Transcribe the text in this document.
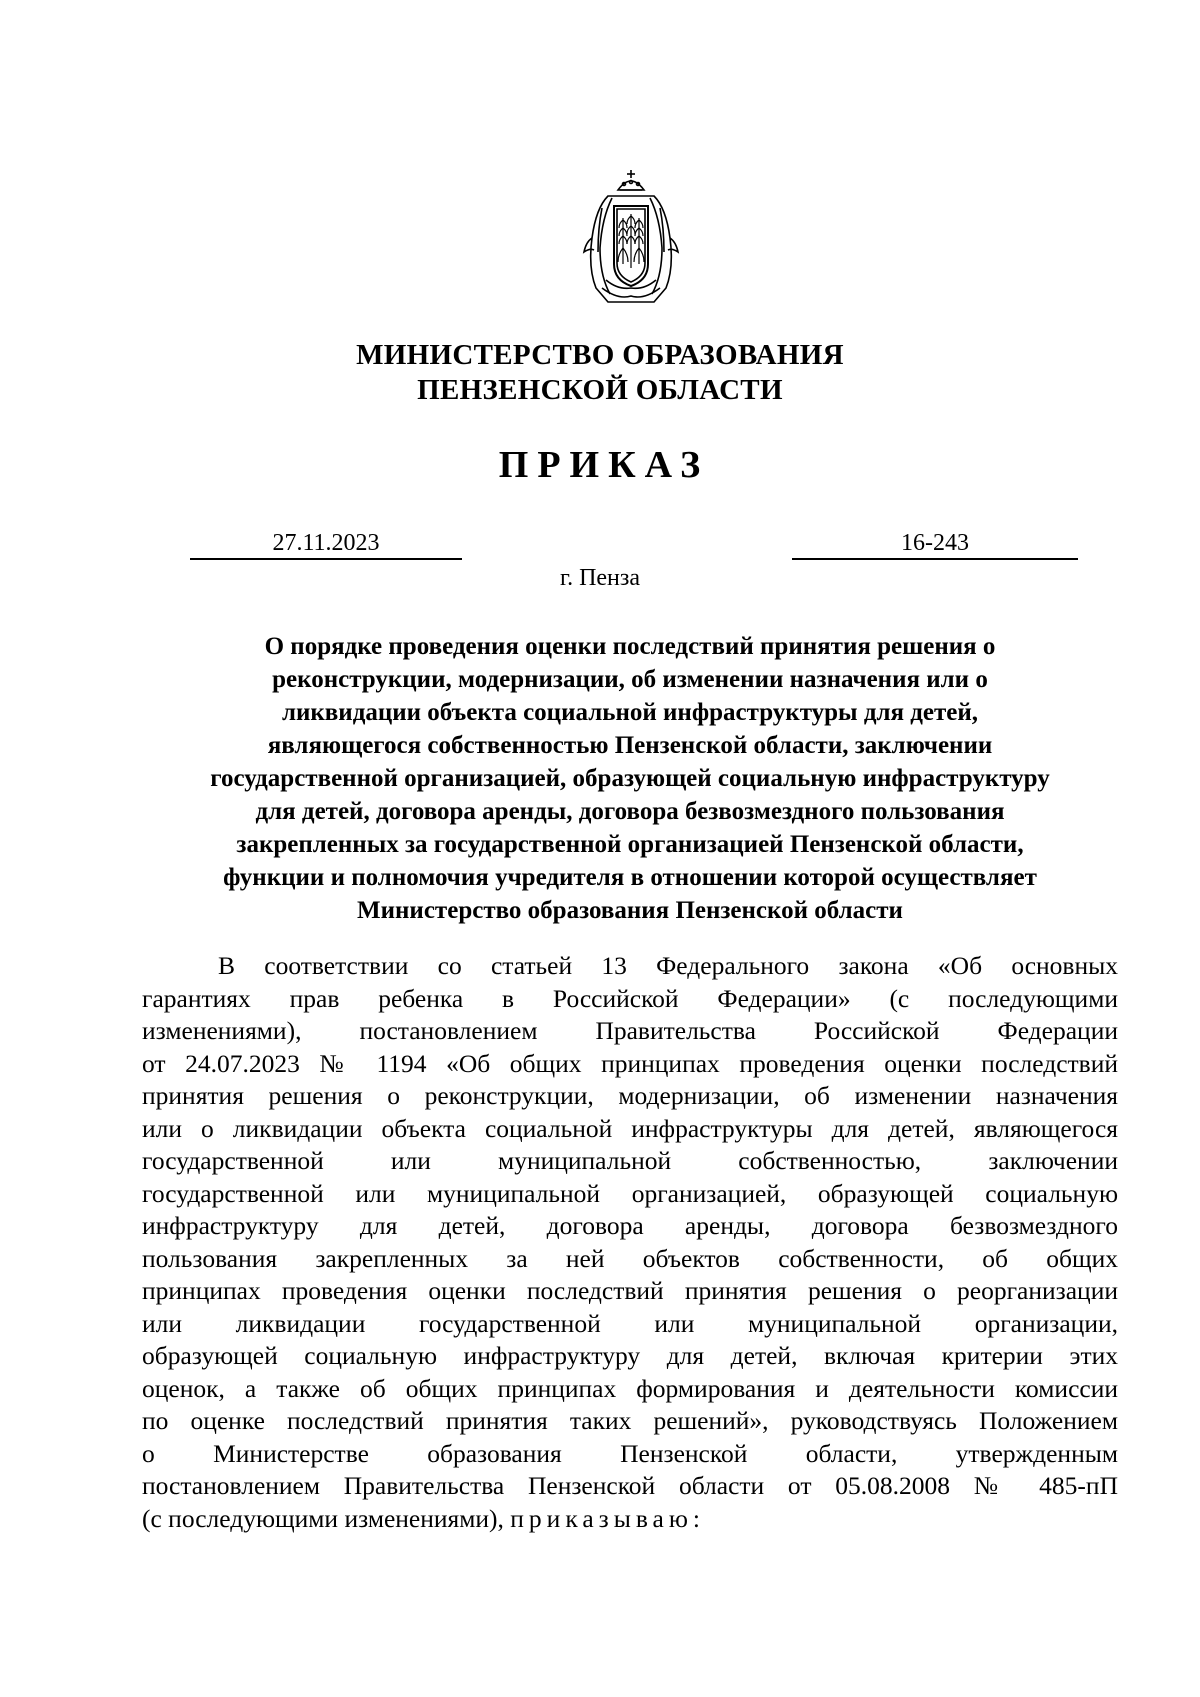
МИНИСТЕРСТВО ОБРАЗОВАНИЯ
ПЕНЗЕНСКОЙ ОБЛАСТИ
ПРИКАЗ
27.11.2023	16-243
г. Пенза
О порядке проведения оценки последствий принятия решения о
реконструкции, модернизации, об изменении назначения или о
ликвидации объекта социальной инфраструктуры для детей,
являющегося собственностью Пензенской области, заключении
государственной организацией, образующей социальную инфраструктуру
для детей, договора аренды, договора безвозмездного пользования
закрепленных за государственной организацией Пензенской области,
функции и полномочия учредителя в отношении которой осуществляет
Министерство образования Пензенской области
В соответствии со статьей 13 Федерального закона «Об основных
гарантиях прав ребенка в Российской Федерации» (с последующими
изменениями), постановлением Правительства Российской Федерации
от 24.07.2023 № 1194 «Об общих принципах проведения оценки последствий
принятия решения о реконструкции, модернизации, об изменении назначения
или о ликвидации объекта социальной инфраструктуры для детей, являющегося
государственной или муниципальной собственностью, заключении
государственной или муниципальной организацией, образующей социальную
инфраструктуру для детей, договора аренды, договора безвозмездного
пользования закрепленных за ней объектов собственности, об общих
принципах проведения оценки последствий принятия решения о реорганизации
или ликвидации государственной или муниципальной организации,
образующей социальную инфраструктуру для детей, включая критерии этих
оценок, а также об общих принципах формирования и деятельности комиссии
по оценке последствий принятия таких решений», руководствуясь Положением
о Министерстве образования Пензенской области, утвержденным
постановлением Правительства Пензенской области от 05.08.2008 № 485-пП
(с последующими изменениями), приказываю:
